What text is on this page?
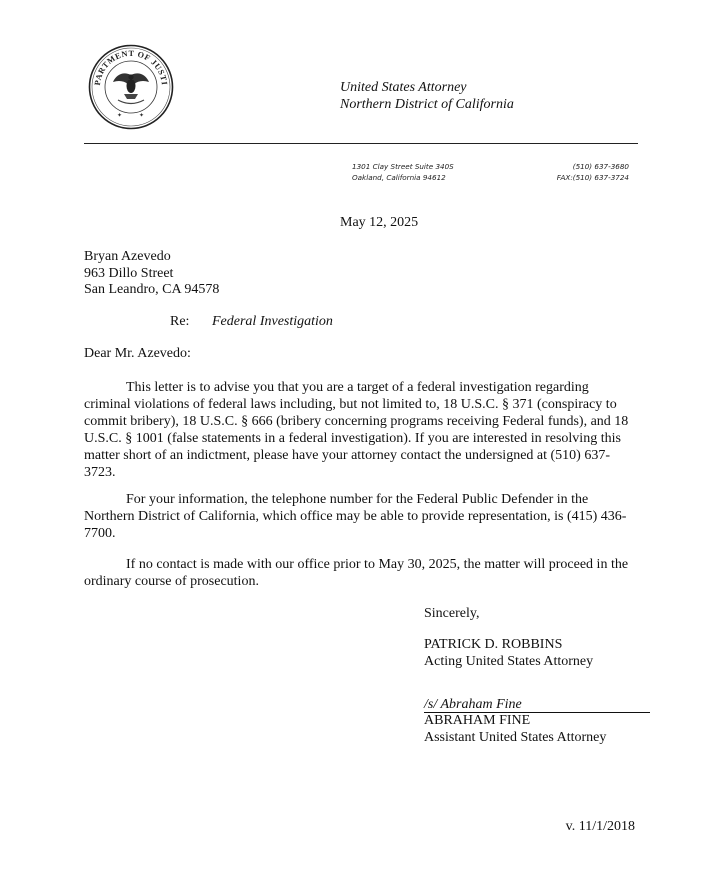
PARTMENT OF JUSTI
✦	✦
United States Attorney
Northern District of California
1301 Clay Street Suite 340S
Oakland, California 94612
(510) 637-3680
FAX:(510) 637-3724
May 12, 2025
Bryan Azevedo
963 Dillo Street
San Leandro, CA 94578
Re: Federal Investigation
Dear Mr. Azevedo:
This letter is to advise you that you are a target of a federal investigation regarding
criminal violations of federal laws including, but not limited to, 18 U.S.C. § 371 (conspiracy to
commit bribery), 18 U.S.C. § 666 (bribery concerning programs receiving Federal funds), and 18
U.S.C. § 1001 (false statements in a federal investigation). If you are interested in resolving this
matter short of an indictment, please have your attorney contact the undersigned at (510) 637-
3723.
For your information, the telephone number for the Federal Public Defender in the
Northern District of California, which office may be able to provide representation, is (415) 436-
7700.
If no contact is made with our office prior to May 30, 2025, the matter will proceed in the
ordinary course of prosecution.
Sincerely,
PATRICK D. ROBBINS
Acting United States Attorney
/s/ Abraham Fine
ABRAHAM FINE
Assistant United States Attorney
v. 11/1/2018
